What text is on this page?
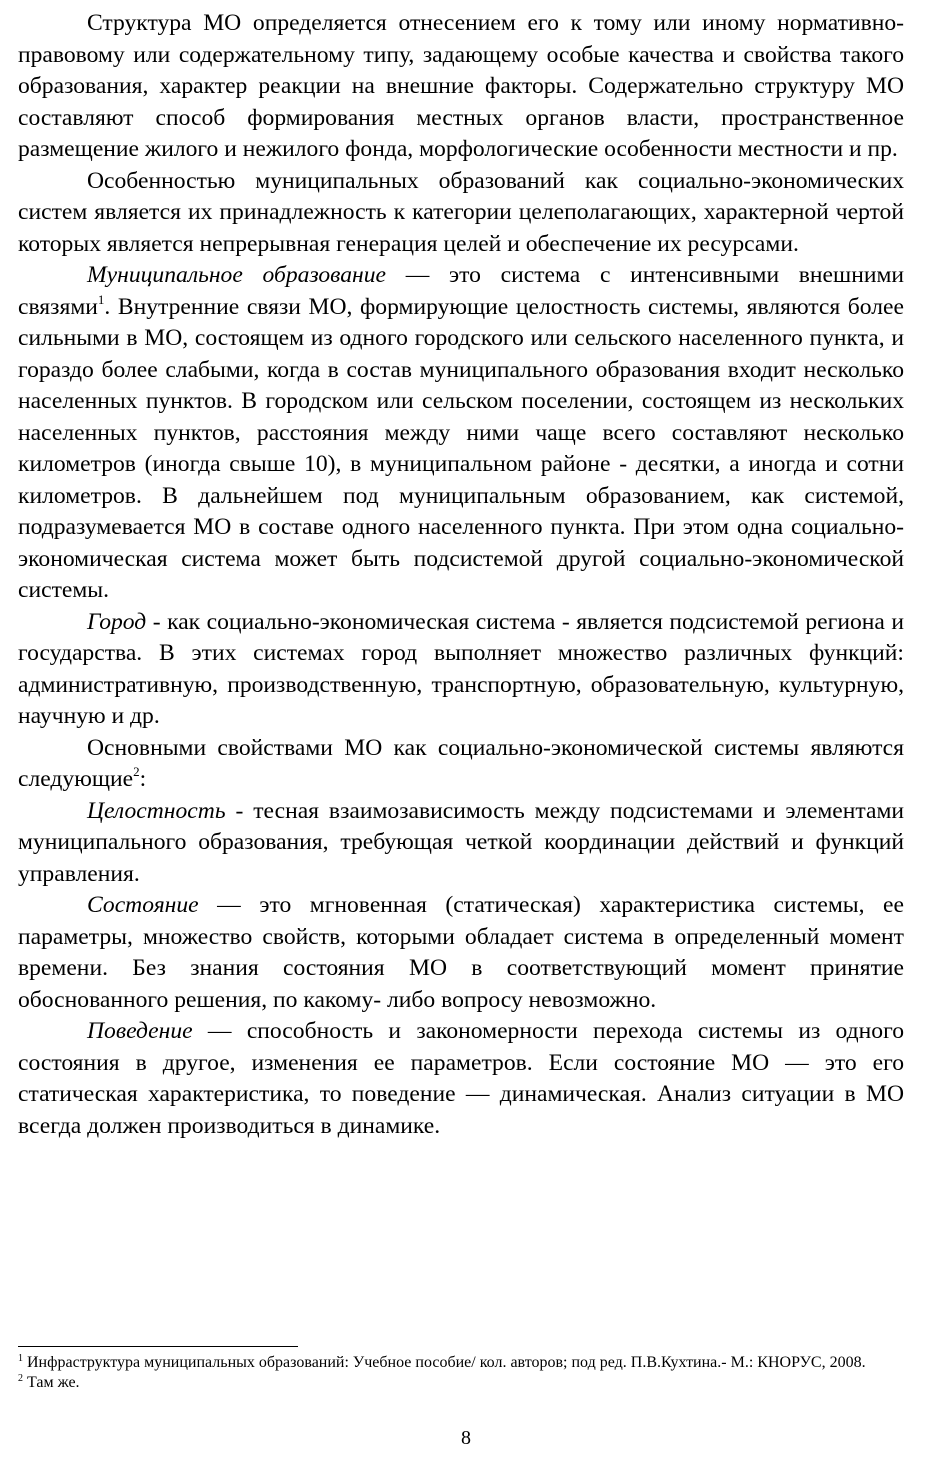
Структура МО определяется отнесением его к тому или иному нормативно-правовому или содержательному типу, задающему особые качества и свойства такого образования, характер реакции на внешние факторы. Содержательно структуру МО составляют способ формирования местных органов власти, пространственное размещение жилого и нежилого фонда, морфологические особенности местности и пр.

Особенностью муниципальных образований как социально-экономических систем является их принадлежность к категории целеполагающих, характерной чертой которых является непрерывная генерация целей и обеспечение их ресурсами.

Муниципальное образование — это система с интенсивными внешними связями$^1$. Внутренние связи МО, формирующие целостность системы, являются более сильными в МО, состоящем из одного городского или сельского населенного пункта, и гораздо более слабыми, когда в состав муниципального образования входит несколько населенных пунктов. В городском или сельском поселении, состоящем из нескольких населенных пунктов, расстояния между ними чаще всего составляют несколько километров (иногда свыше 10), в муниципальном районе - десятки, а иногда и сотни километров. В дальнейшем под муниципальным образованием, как системой, подразумевается МО в составе одного населенного пункта. При этом одна социально-экономическая система может быть подсистемой другой социально-экономической системы.

Город - как социально-экономическая система - является подсистемой региона и государства. В этих системах город выполняет множество различных функций: административную, производственную, транспортную, образовательную, культурную, научную и др.

Основными свойствами МО как социально-экономической системы являются следующие$^2$:

Целостность - тесная взаимозависимость между подсистемами и элементами муниципального образования, требующая четкой координации действий и функций управления.

Состояние — это мгновенная (статическая) характеристика системы, ее параметры, множество свойств, которыми обладает система в определенный момент времени. Без знания состояния МО в соответствующий момент принятие обоснованного решения, по какому- либо вопросу невозможно.

Поведение — способность и закономерности перехода системы из одного состояния в другое, изменения ее параметров. Если состояние МО — это его статическая характеристика, то поведение — динамическая. Анализ ситуации в МО всегда должен производиться в динамике.

$^1$ Инфраструктура муниципальных образований: Учебное пособие/ кол. авторов; под ред. П.В.Кухтина.- М.: КНОРУС, 2008.

$^2$ Там же.

8
